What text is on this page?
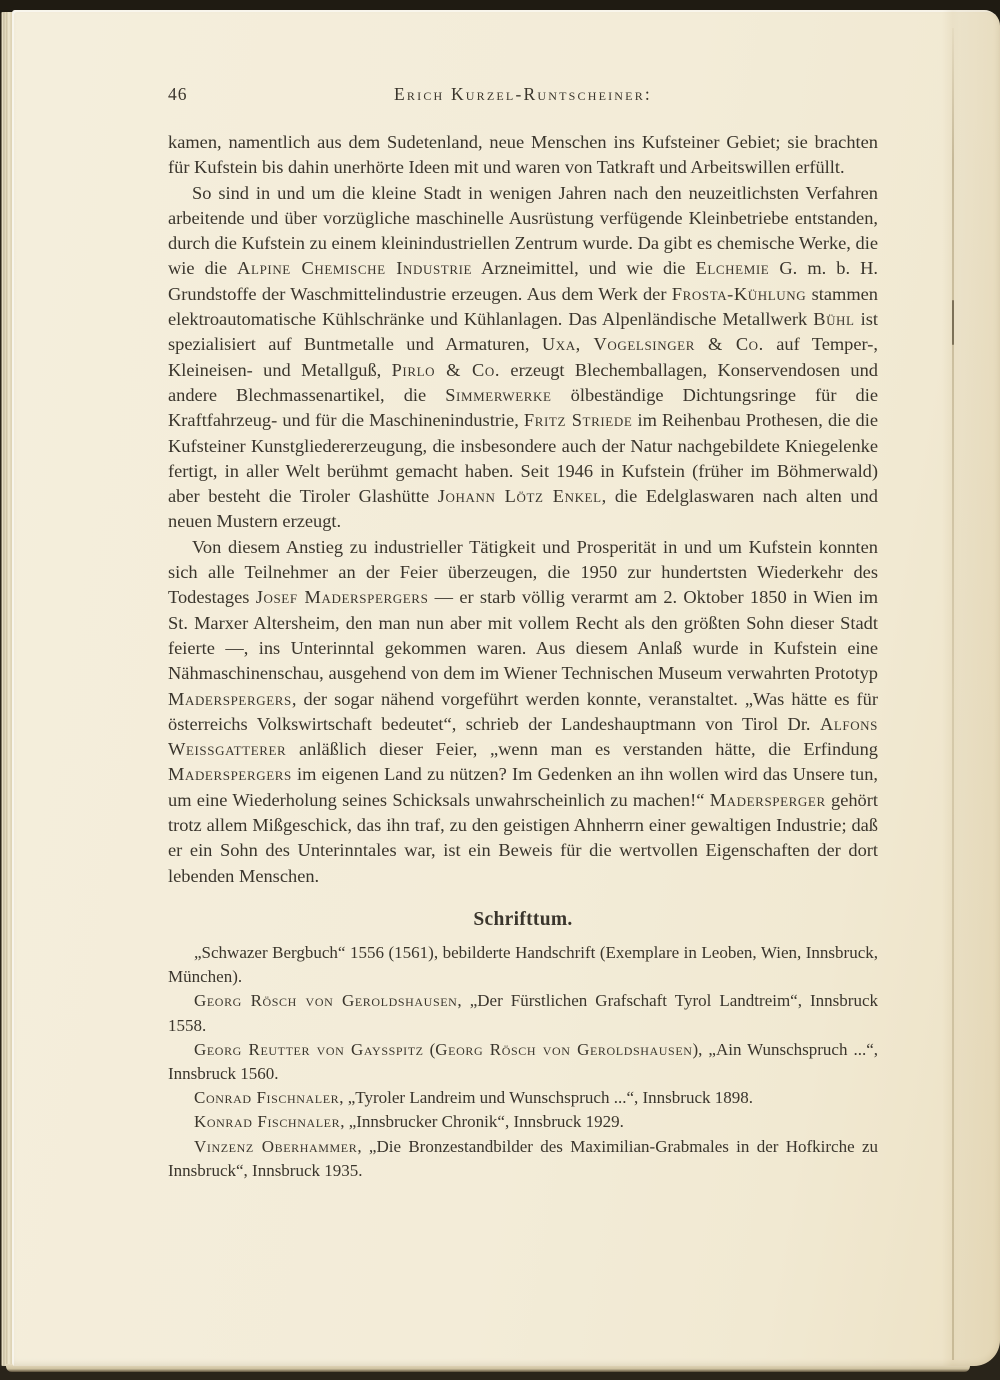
46	Erich Kurzel-Runtscheiner:

kamen, namentlich aus dem Sudetenland, neue Menschen ins Kufsteiner Gebiet; sie brachten für Kufstein bis dahin unerhörte Ideen mit und waren von Tatkraft und Arbeitswillen erfüllt.

So sind in und um die kleine Stadt in wenigen Jahren nach den neuzeitlichsten Verfahren arbeitende und über vorzügliche maschinelle Ausrüstung verfügende Kleinbetriebe entstanden, durch die Kufstein zu einem kleinindustriellen Zentrum wurde. Da gibt es chemische Werke, die wie die Alpine Chemische Industrie Arzneimittel, und wie die Elchemie G. m. b. H. Grundstoffe der Waschmittelindustrie erzeugen. Aus dem Werk der Frosta-Kühlung stammen elektroautomatische Kühlschränke und Kühlanlagen. Das Alpenländische Metallwerk Bühl ist spezialisiert auf Buntmetalle und Armaturen, Uxa, Vogelsinger & Co. auf Temper-, Kleineisen- und Metallguß, Pirlo & Co. erzeugt Blechemballagen, Konservendosen und andere Blechmassenartikel, die Simmerwerke ölbeständige Dichtungsringe für die Kraftfahrzeug- und für die Maschinenindustrie, Fritz Striede im Reihenbau Prothesen, die die Kufsteiner Kunstgliedererzeugung, die insbesondere auch der Natur nachgebildete Kniegelenke fertigt, in aller Welt berühmt gemacht haben. Seit 1946 in Kufstein (früher im Böhmerwald) aber besteht die Tiroler Glashütte Johann Lötz Enkel, die Edelglaswaren nach alten und neuen Mustern erzeugt.

Von diesem Anstieg zu industrieller Tätigkeit und Prosperität in und um Kufstein konnten sich alle Teilnehmer an der Feier überzeugen, die 1950 zur hundertsten Wiederkehr des Todestages Josef Maderspergers — er starb völlig verarmt am 2. Oktober 1850 in Wien im St. Marxer Altersheim, den man nun aber mit vollem Recht als den größten Sohn dieser Stadt feierte —, ins Unterinntal gekommen waren. Aus diesem Anlaß wurde in Kufstein eine Nähmaschinenschau, ausgehend von dem im Wiener Technischen Museum verwahrten Prototyp Maderspergers, der sogar nähend vorgeführt werden konnte, veranstaltet. „Was hätte es für österreichs Volkswirtschaft bedeutet“, schrieb der Landeshauptmann von Tirol Dr. Alfons Weissgatterer anläßlich dieser Feier, „wenn man es verstanden hätte, die Erfindung Maderspergers im eigenen Land zu nützen? Im Gedenken an ihn wollen wird das Unsere tun, um eine Wiederholung seines Schicksals unwahrscheinlich zu machen!“ Madersperger gehört trotz allem Mißgeschick, das ihn traf, zu den geistigen Ahnherrn einer gewaltigen Industrie; daß er ein Sohn des Unterinntales war, ist ein Beweis für die wertvollen Eigenschaften der dort lebenden Menschen.

Schrifttum.

„Schwazer Bergbuch“ 1556 (1561), bebilderte Handschrift (Exemplare in Leoben, Wien, Innsbruck, München).

Georg Rösch von Geroldshausen, „Der Fürstlichen Grafschaft Tyrol Landtreim“, Innsbruck 1558.

Georg Reutter von Gaysspitz (Georg Rösch von Geroldshausen), „Ain Wunschspruch ...“, Innsbruck 1560.

Conrad Fischnaler, „Tyroler Landreim und Wunschspruch ...“, Innsbruck 1898.

Konrad Fischnaler, „Innsbrucker Chronik“, Innsbruck 1929.

Vinzenz Oberhammer, „Die Bronzestandbilder des Maximilian-Grabmales in der Hofkirche zu Innsbruck“, Innsbruck 1935.
